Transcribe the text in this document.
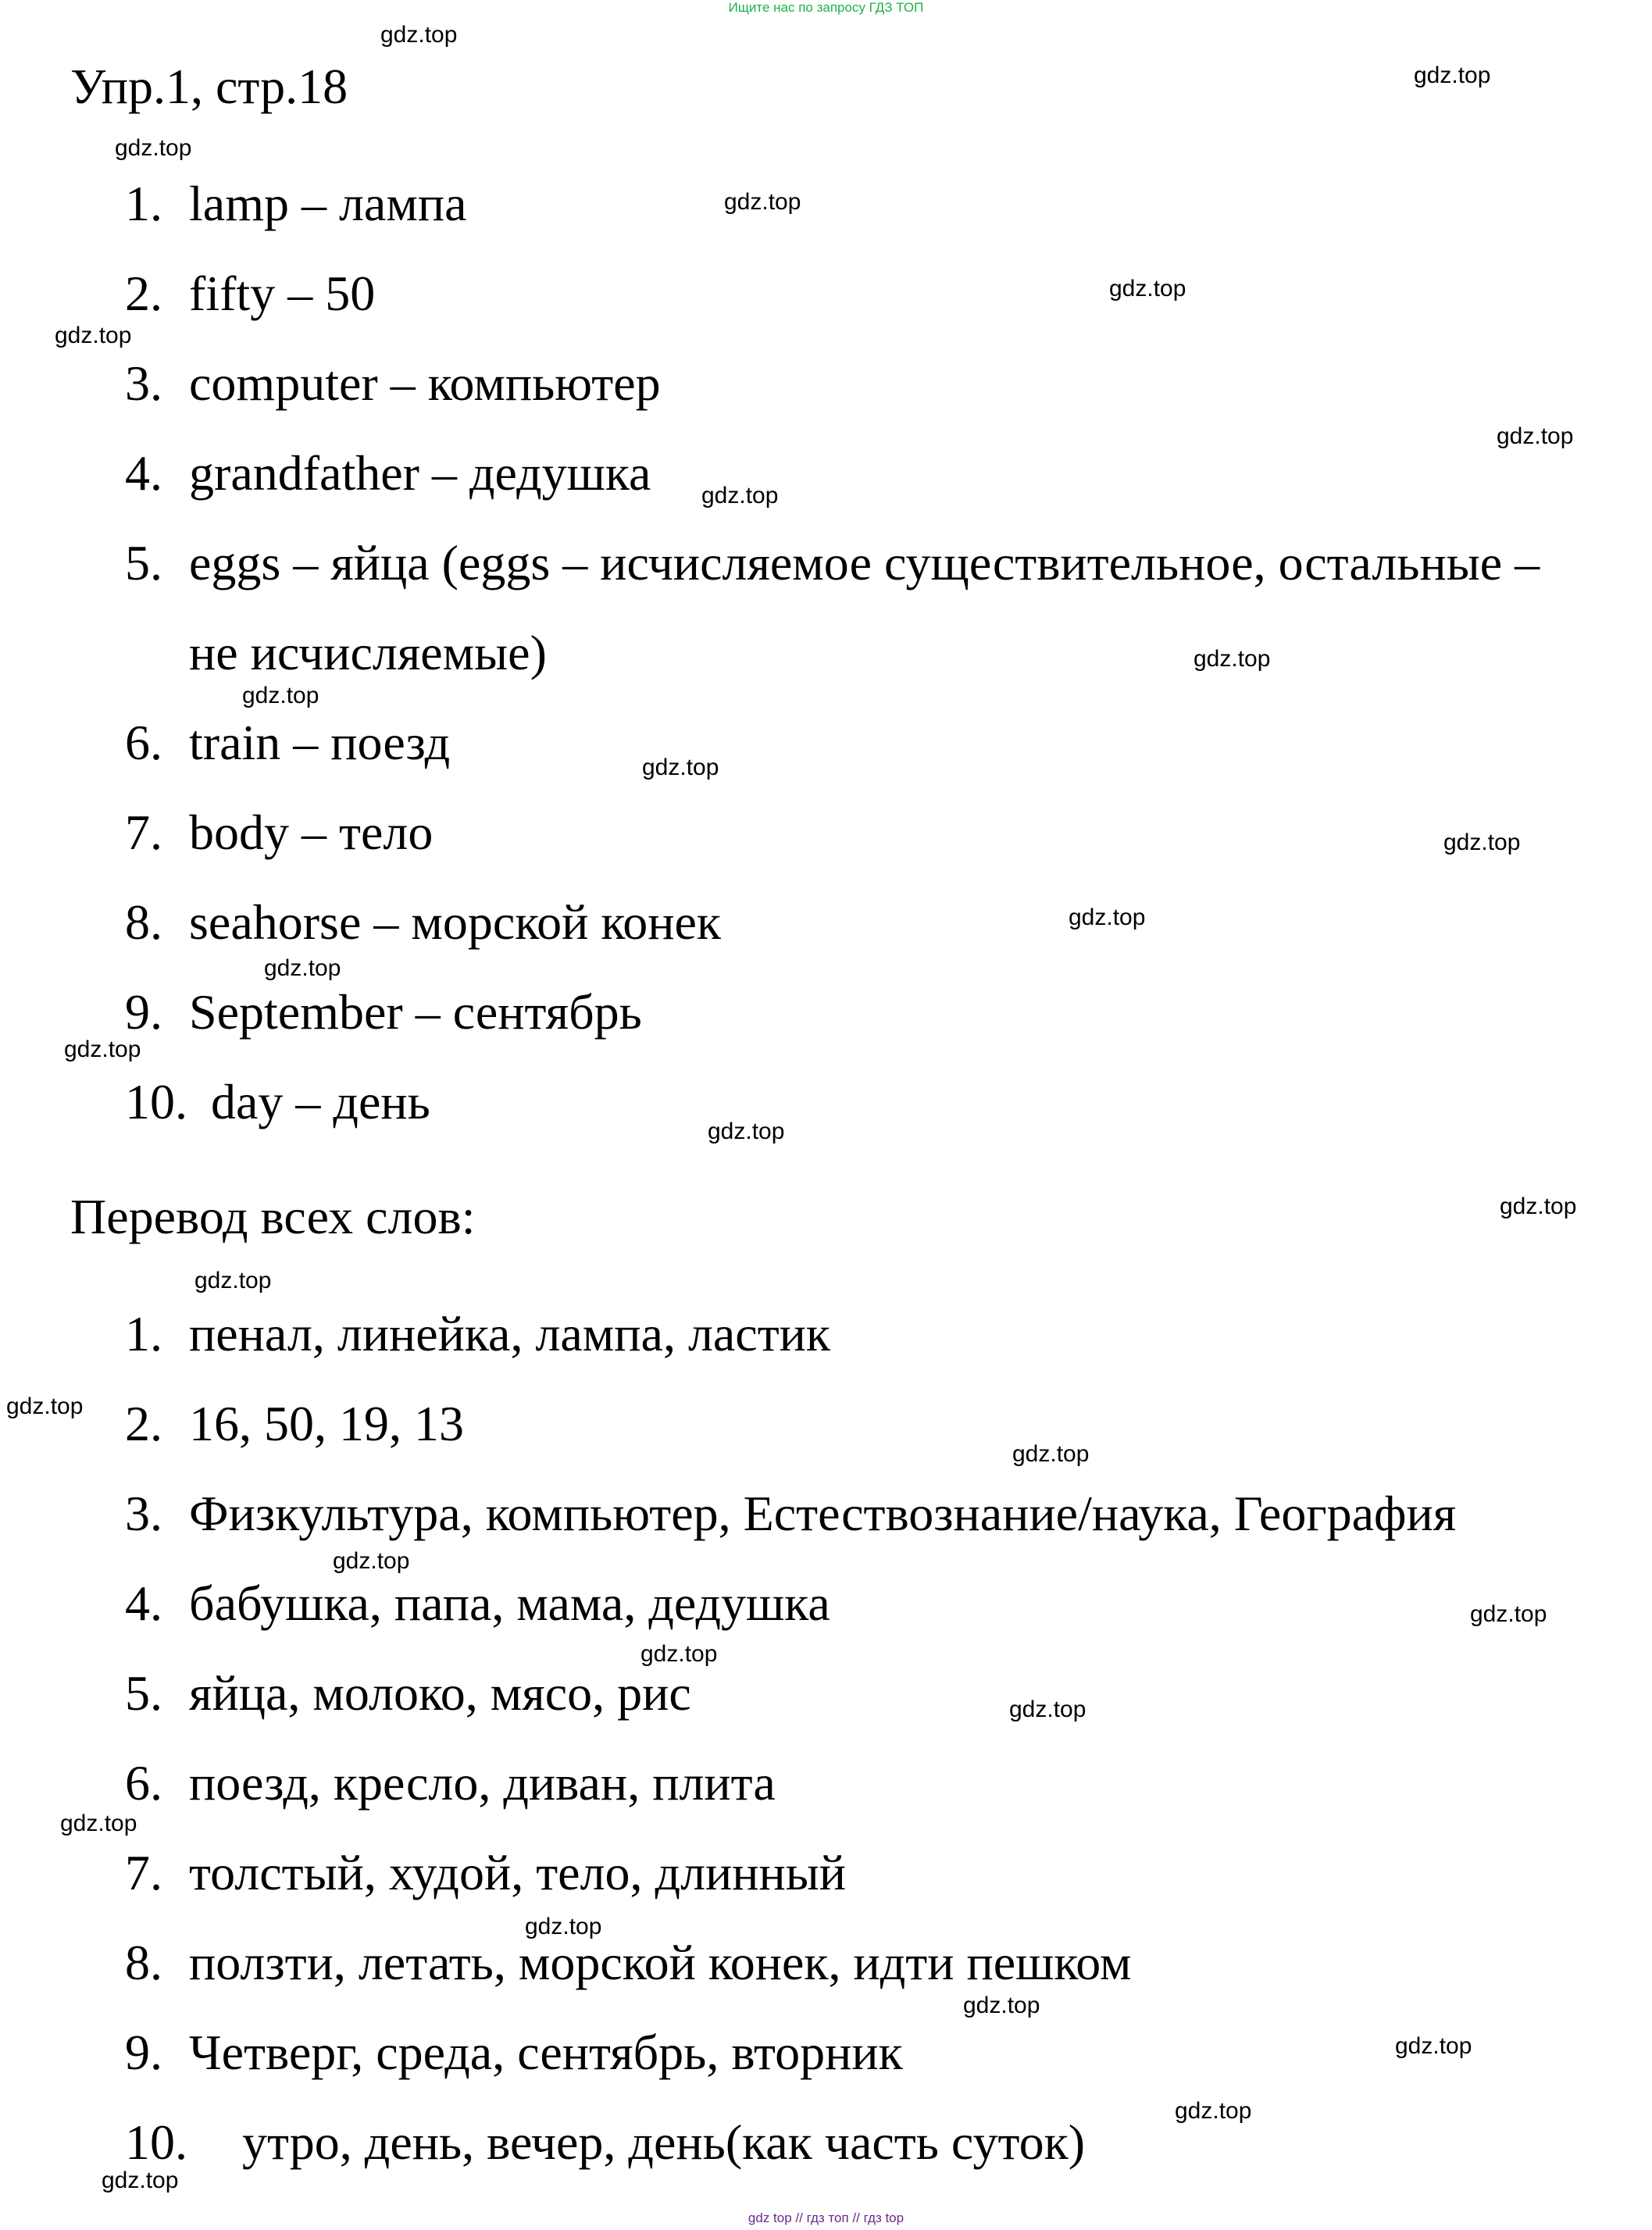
Ищите нас по запросу ГДЗ ТОП
Упр.1, стр.18
1. lamp – лампа
2. fifty – 50
3. computer – компьютер
4. grandfather – дедушка
5. eggs – яйца (eggs – исчисляемое существительное, остальные –
не исчисляемые)
6. train – поезд
7. body – тело
8. seahorse – морской конек
9. September – сентябрь
10. day – день
Перевод всех слов:
1. пенал, линейка, лампа, ластик
2. 16, 50, 19, 13
3. Физкультура, компьютер, Естествознание/наука, География
4. бабушка, папа, мама, дедушка
5. яйца, молоко, мясо, рис
6. поезд, кресло, диван, плита
7. толстый, худой, тело, длинный
8. ползти, летать, морской конек, идти пешком
9. Четверг, среда, сентябрь, вторник
10. утро, день, вечер, день(как часть суток)
gdz.top
gdz.top
gdz.top
gdz.top
gdz.top
gdz.top
gdz.top
gdz.top
gdz.top
gdz.top
gdz.top
gdz.top
gdz.top
gdz.top
gdz.top
gdz.top
gdz.top
gdz.top
gdz.top
gdz.top
gdz.top
gdz.top
gdz.top
gdz.top
gdz.top
gdz.top
gdz.top
gdz.top
gdz.top
gdz.top
gdz top // гдз топ // гдз top
